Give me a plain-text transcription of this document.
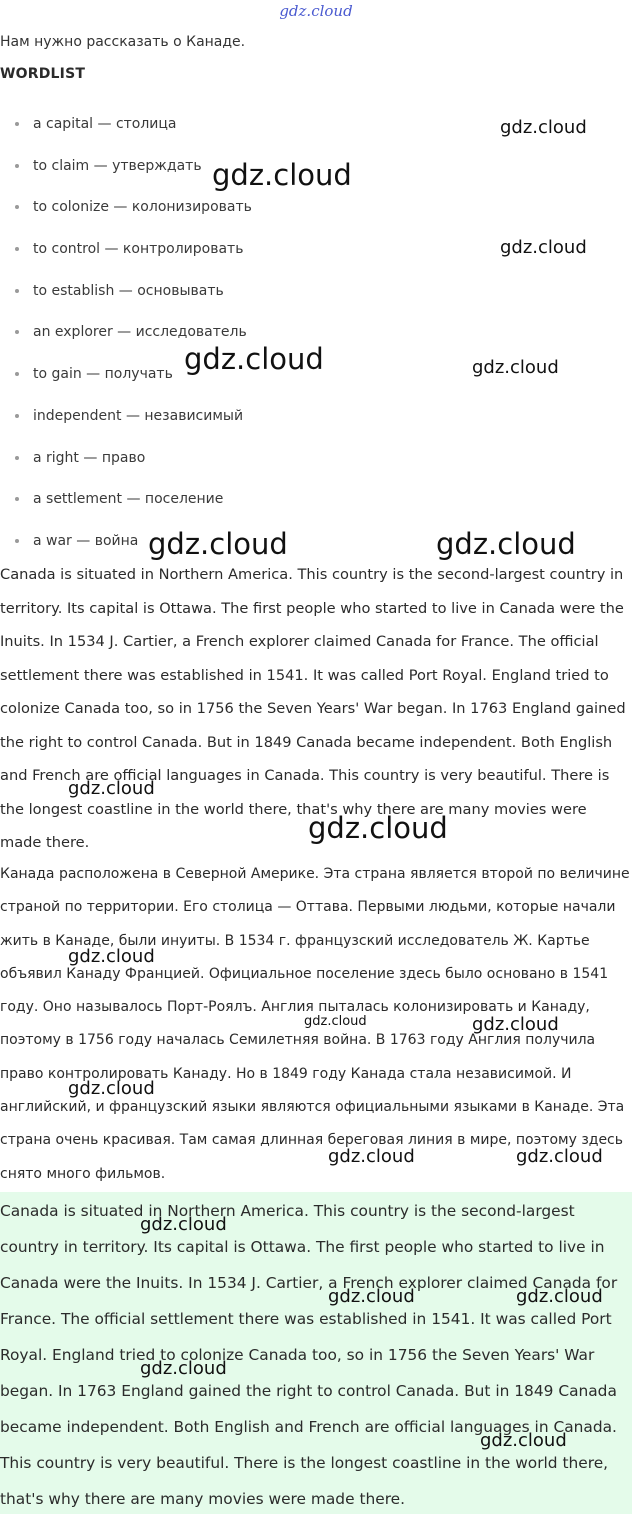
gdz.cloud
Нам нужно рассказать о Канаде.
WORDLIST
a capital — столица
to claim — утверждать
to colonize — колонизировать
to control — контролировать
to establish — основывать
an explorer — исследователь
to gain — получать
independent — независимый
a right — право
a settlement — поселение
a war — война

Canada is situated in Northern America. This country is the second-largest country in territory. Its capital is Ottawa. The first people who started to live in Canada were the Inuits. In 1534 J. Cartier, a French explorer claimed Canada for France. The official settlement there was established in 1541. It was called Port Royal. England tried to colonize Canada too, so in 1756 the Seven Years' War began. In 1763 England gained the right to control Canada. But in 1849 Canada became independent. Both English and French are official languages in Canada. This country is very beautiful. There is the longest coastline in the world there, that's why there are many movies were made there.

Канада расположена в Северной Америке. Эта страна является второй по величине страной по территории. Его столица — Оттава. Первыми людьми, которые начали жить в Канаде, были инуиты. В 1534 г. французский исследователь Ж. Картье объявил Канаду Францией. Официальное поселение здесь было основано в 1541 году. Оно называлось Порт-Роялъ. Англия пыталась колонизировать и Канаду, поэтому в 1756 году началась Семилетняя война. В 1763 году Англия получила право контролировать Канаду. Но в 1849 году Канада стала независимой. И английский, и французский языки являются официальными языками в Канаде. Эта страна очень красивая. Там самая длинная береговая линия в мире, поэтому здесь снято много фильмов.

Canada is situated in Northern America. This country is the second-largest country in territory. Its capital is Ottawa. The first people who started to live in Canada were the Inuits. In 1534 J. Cartier, a French explorer claimed Canada for France. The official settlement there was established in 1541. It was called Port Royal. England tried to colonize Canada too, so in 1756 the Seven Years' War began. In 1763 England gained the right to control Canada. But in 1849 Canada became independent. Both English and French are official languages in Canada. This country is very beautiful. There is the longest coastline in the world there, that's why there are many movies were made there.

gdz.cloud
gdz.cloud
gdz.cloud
gdz.cloud	gdz.cloud
gdz.cloud	gdz.cloud
gdz.cloud
gdz.cloud
gdz.cloud
gdz.cloud	gdz.cloud
gdz.cloud
gdz.cloud	gdz.cloud
gdz.cloud
gdz.cloud	gdz.cloud
gdz.cloud
gdz.cloud
